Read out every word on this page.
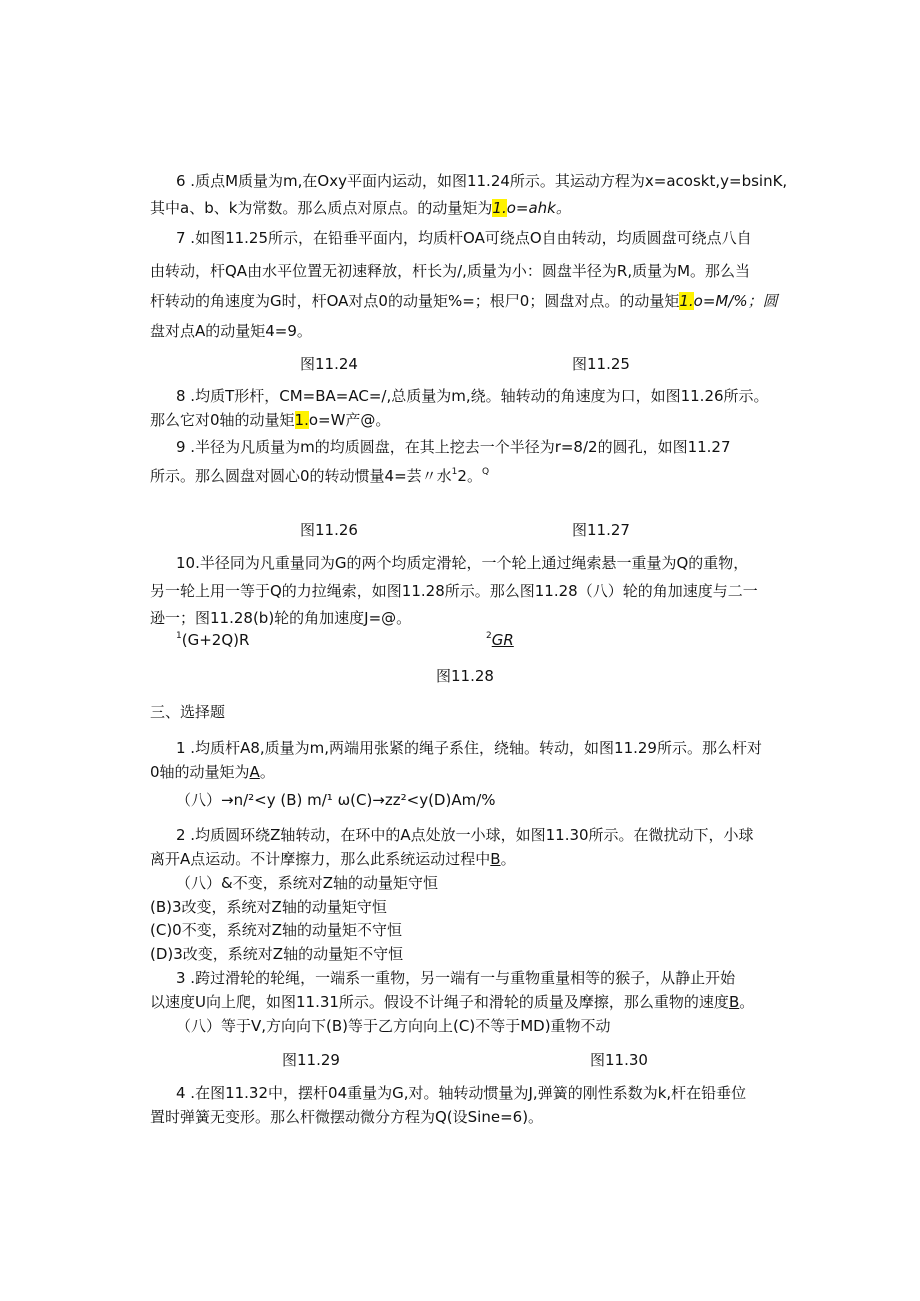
6 .质点M质量为m,在Oxy平面内运动，如图11.24所示。其运动方程为x=acoskt,y=bsinK,
其中a、b、k为常数。那么质点对原点。的动量矩为1.o=ahk。
7 .如图11.25所示，在铅垂平面内，均质杆OA可绕点O自由转动，均质圆盘可绕点八自
由转动，杆QA由水平位置无初速释放，杆长为/,质量为小：圆盘半径为R,质量为M。那么当
杆转动的角速度为G时，杆OA对点0的动量矩%=；根尸0；圆盘对点。的动量矩1.o=M/%；圆
盘对点A的动量矩4=9。
图11.24	图11.25
8 .均质T形杆，CM=BA=AC=/,总质量为m,绕。轴转动的角速度为口，如图11.26所示。
那么它对0轴的动量矩1.o=W产@。
9 .半径为凡质量为m的均质圆盘，在其上挖去一个半径为r=8∕2的圆孔，如图11.27
所示。那么圆盘对圆心0的转动惯量4=芸〃水$^1$2。$^Q$
图11.26	图11.27
10.半径同为凡重量同为G的两个均质定滑轮，一个轮上通过绳索悬一重量为Q的重物，
另一轮上用一等于Q的力拉绳索，如图11.28所示。那么图11.28（八）轮的角加速度与二一
逊一；图11.28(b)轮的角加速度J=@。
$^1$(G+2Q)R	$^2$GR
图11.28
三、选择题
1 .均质杆A8,质量为m,两端用张紧的绳子系住，绕轴。转动，如图11.29所示。那么杆对
0轴的动量矩为A。
（八）→n/²<y (B) m/¹ ω(C)→zz²<y(D)Am/%
2 .均质圆环绕Z轴转动，在环中的A点处放一小球，如图11.30所示。在微扰动下，小球
离开A点运动。不计摩擦力，那么此系统运动过程中B。
（八）&不变，系统对Z轴的动量矩守恒
(B)3改变，系统对Z轴的动量矩守恒
(C)0不变，系统对Z轴的动量矩不守恒
(D)3改变，系统对Z轴的动量矩不守恒
3 .跨过滑轮的轮绳，一端系一重物，另一端有一与重物重量相等的猴子，从静止开始
以速度U向上爬，如图11.31所示。假设不计绳子和滑轮的质量及摩擦，那么重物的速度B。
（八）等于V,方向向下(B)等于乙方向向上(C)不等于MD)重物不动
图11.29	图11.30
4 .在图11.32中，摆杆04重量为G,对。轴转动惯量为J,弹簧的刚性系数为k,杆在铅垂位
置时弹簧无变形。那么杆微摆动微分方程为Q(设Sine=6)。
